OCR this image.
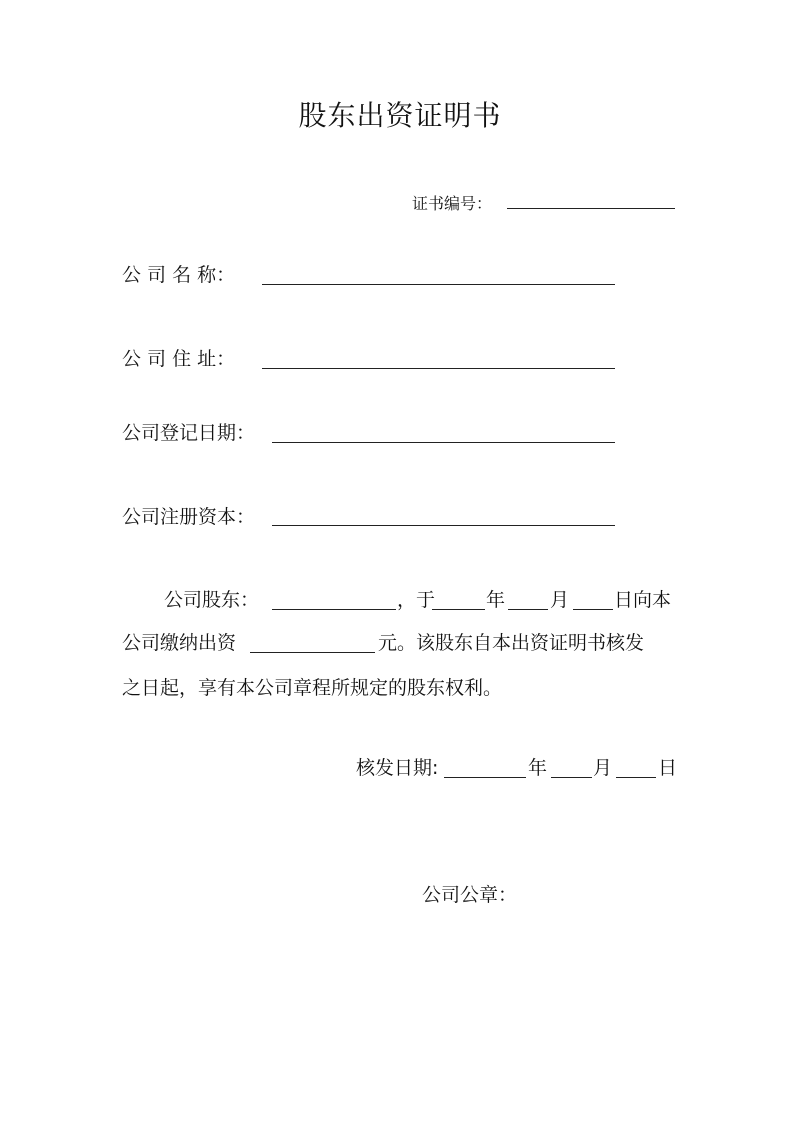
股东出资证明书
证书编号：
公 司 名 称：
公 司 住 址：
公司登记日期：
公司注册资本：
公司股东：	，于	年 月 日向本
公司缴纳出资	元。该股东自本出资证明书核发
之日起，享有本公司章程所规定的股东权利。
核发日期:	年 月 日
公司公章：
